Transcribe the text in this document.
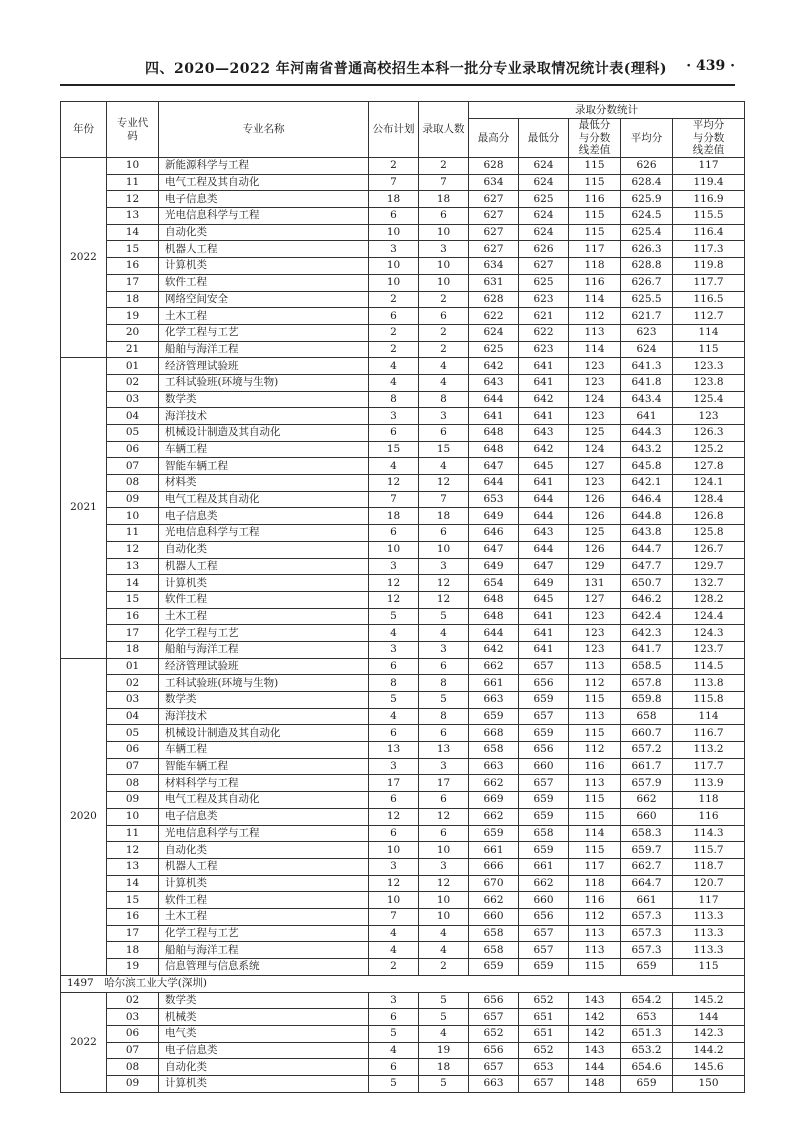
四、2020—2022 年河南省普通高校招生本科一批分专业录取情况统计表(理科) · 439 ·
年份	专业代码	专业名称	公布计划	录取人数	录取分数统计				
					最高分	最低分	最低分与分数线差值	平均分	平均分与分数线差值
2022	10	新能源科学与工程	2	2	628	624	115	626	117
	11	电气工程及其自动化	7	7	634	624	115	628.4	119.4
	12	电子信息类	18	18	627	625	116	625.9	116.9
	13	光电信息科学与工程	6	6	627	624	115	624.5	115.5
	14	自动化类	10	10	627	624	115	625.4	116.4
	15	机器人工程	3	3	627	626	117	626.3	117.3
	16	计算机类	10	10	634	627	118	628.8	119.8
	17	软件工程	10	10	631	625	116	626.7	117.7
	18	网络空间安全	2	2	628	623	114	625.5	116.5
	19	土木工程	6	6	622	621	112	621.7	112.7
	20	化学工程与工艺	2	2	624	622	113	623	114
	21	船舶与海洋工程	2	2	625	623	114	624	115
2021	01	经济管理试验班	4	4	642	641	123	641.3	123.3
	02	工科试验班(环境与生物)	4	4	643	641	123	641.8	123.8
	03	数学类	8	8	644	642	124	643.4	125.4
	04	海洋技术	3	3	641	641	123	641	123
	05	机械设计制造及其自动化	6	6	648	643	125	644.3	126.3
	06	车辆工程	15	15	648	642	124	643.2	125.2
	07	智能车辆工程	4	4	647	645	127	645.8	127.8
	08	材料类	12	12	644	641	123	642.1	124.1
	09	电气工程及其自动化	7	7	653	644	126	646.4	128.4
	10	电子信息类	18	18	649	644	126	644.8	126.8
	11	光电信息科学与工程	6	6	646	643	125	643.8	125.8
	12	自动化类	10	10	647	644	126	644.7	126.7
	13	机器人工程	3	3	649	647	129	647.7	129.7
	14	计算机类	12	12	654	649	131	650.7	132.7
	15	软件工程	12	12	648	645	127	646.2	128.2
	16	土木工程	5	5	648	641	123	642.4	124.4
	17	化学工程与工艺	4	4	644	641	123	642.3	124.3
	18	船舶与海洋工程	3	3	642	641	123	641.7	123.7
2020	01	经济管理试验班	6	6	662	657	113	658.5	114.5
	02	工科试验班(环境与生物)	8	8	661	656	112	657.8	113.8
	03	数学类	5	5	663	659	115	659.8	115.8
	04	海洋技术	4	8	659	657	113	658	114
	05	机械设计制造及其自动化	6	6	668	659	115	660.7	116.7
	06	车辆工程	13	13	658	656	112	657.2	113.2
	07	智能车辆工程	3	3	663	660	116	661.7	117.7
	08	材料科学与工程	17	17	662	657	113	657.9	113.9
	09	电气工程及其自动化	6	6	669	659	115	662	118
	10	电子信息类	12	12	662	659	115	660	116
	11	光电信息科学与工程	6	6	659	658	114	658.3	114.3
	12	自动化类	10	10	661	659	115	659.7	115.7
	13	机器人工程	3	3	666	661	117	662.7	118.7
	14	计算机类	12	12	670	662	118	664.7	120.7
	15	软件工程	10	10	662	660	116	661	117
	16	土木工程	7	10	660	656	112	657.3	113.3
	17	化学工程与工艺	4	4	658	657	113	657.3	113.3
	18	船舶与海洋工程	4	4	658	657	113	657.3	113.3
	19	信息管理与信息系统	2	2	659	659	115	659	115
1497　哈尔滨工业大学(深圳)									
2022	02	数学类	3	5	656	652	143	654.2	145.2
	03	机械类	6	5	657	651	142	653	144
	06	电气类	5	4	652	651	142	651.3	142.3
	07	电子信息类	4	19	656	652	143	653.2	144.2
	08	自动化类	6	18	657	653	144	654.6	145.6
	09	计算机类	5	5	663	657	148	659	150
